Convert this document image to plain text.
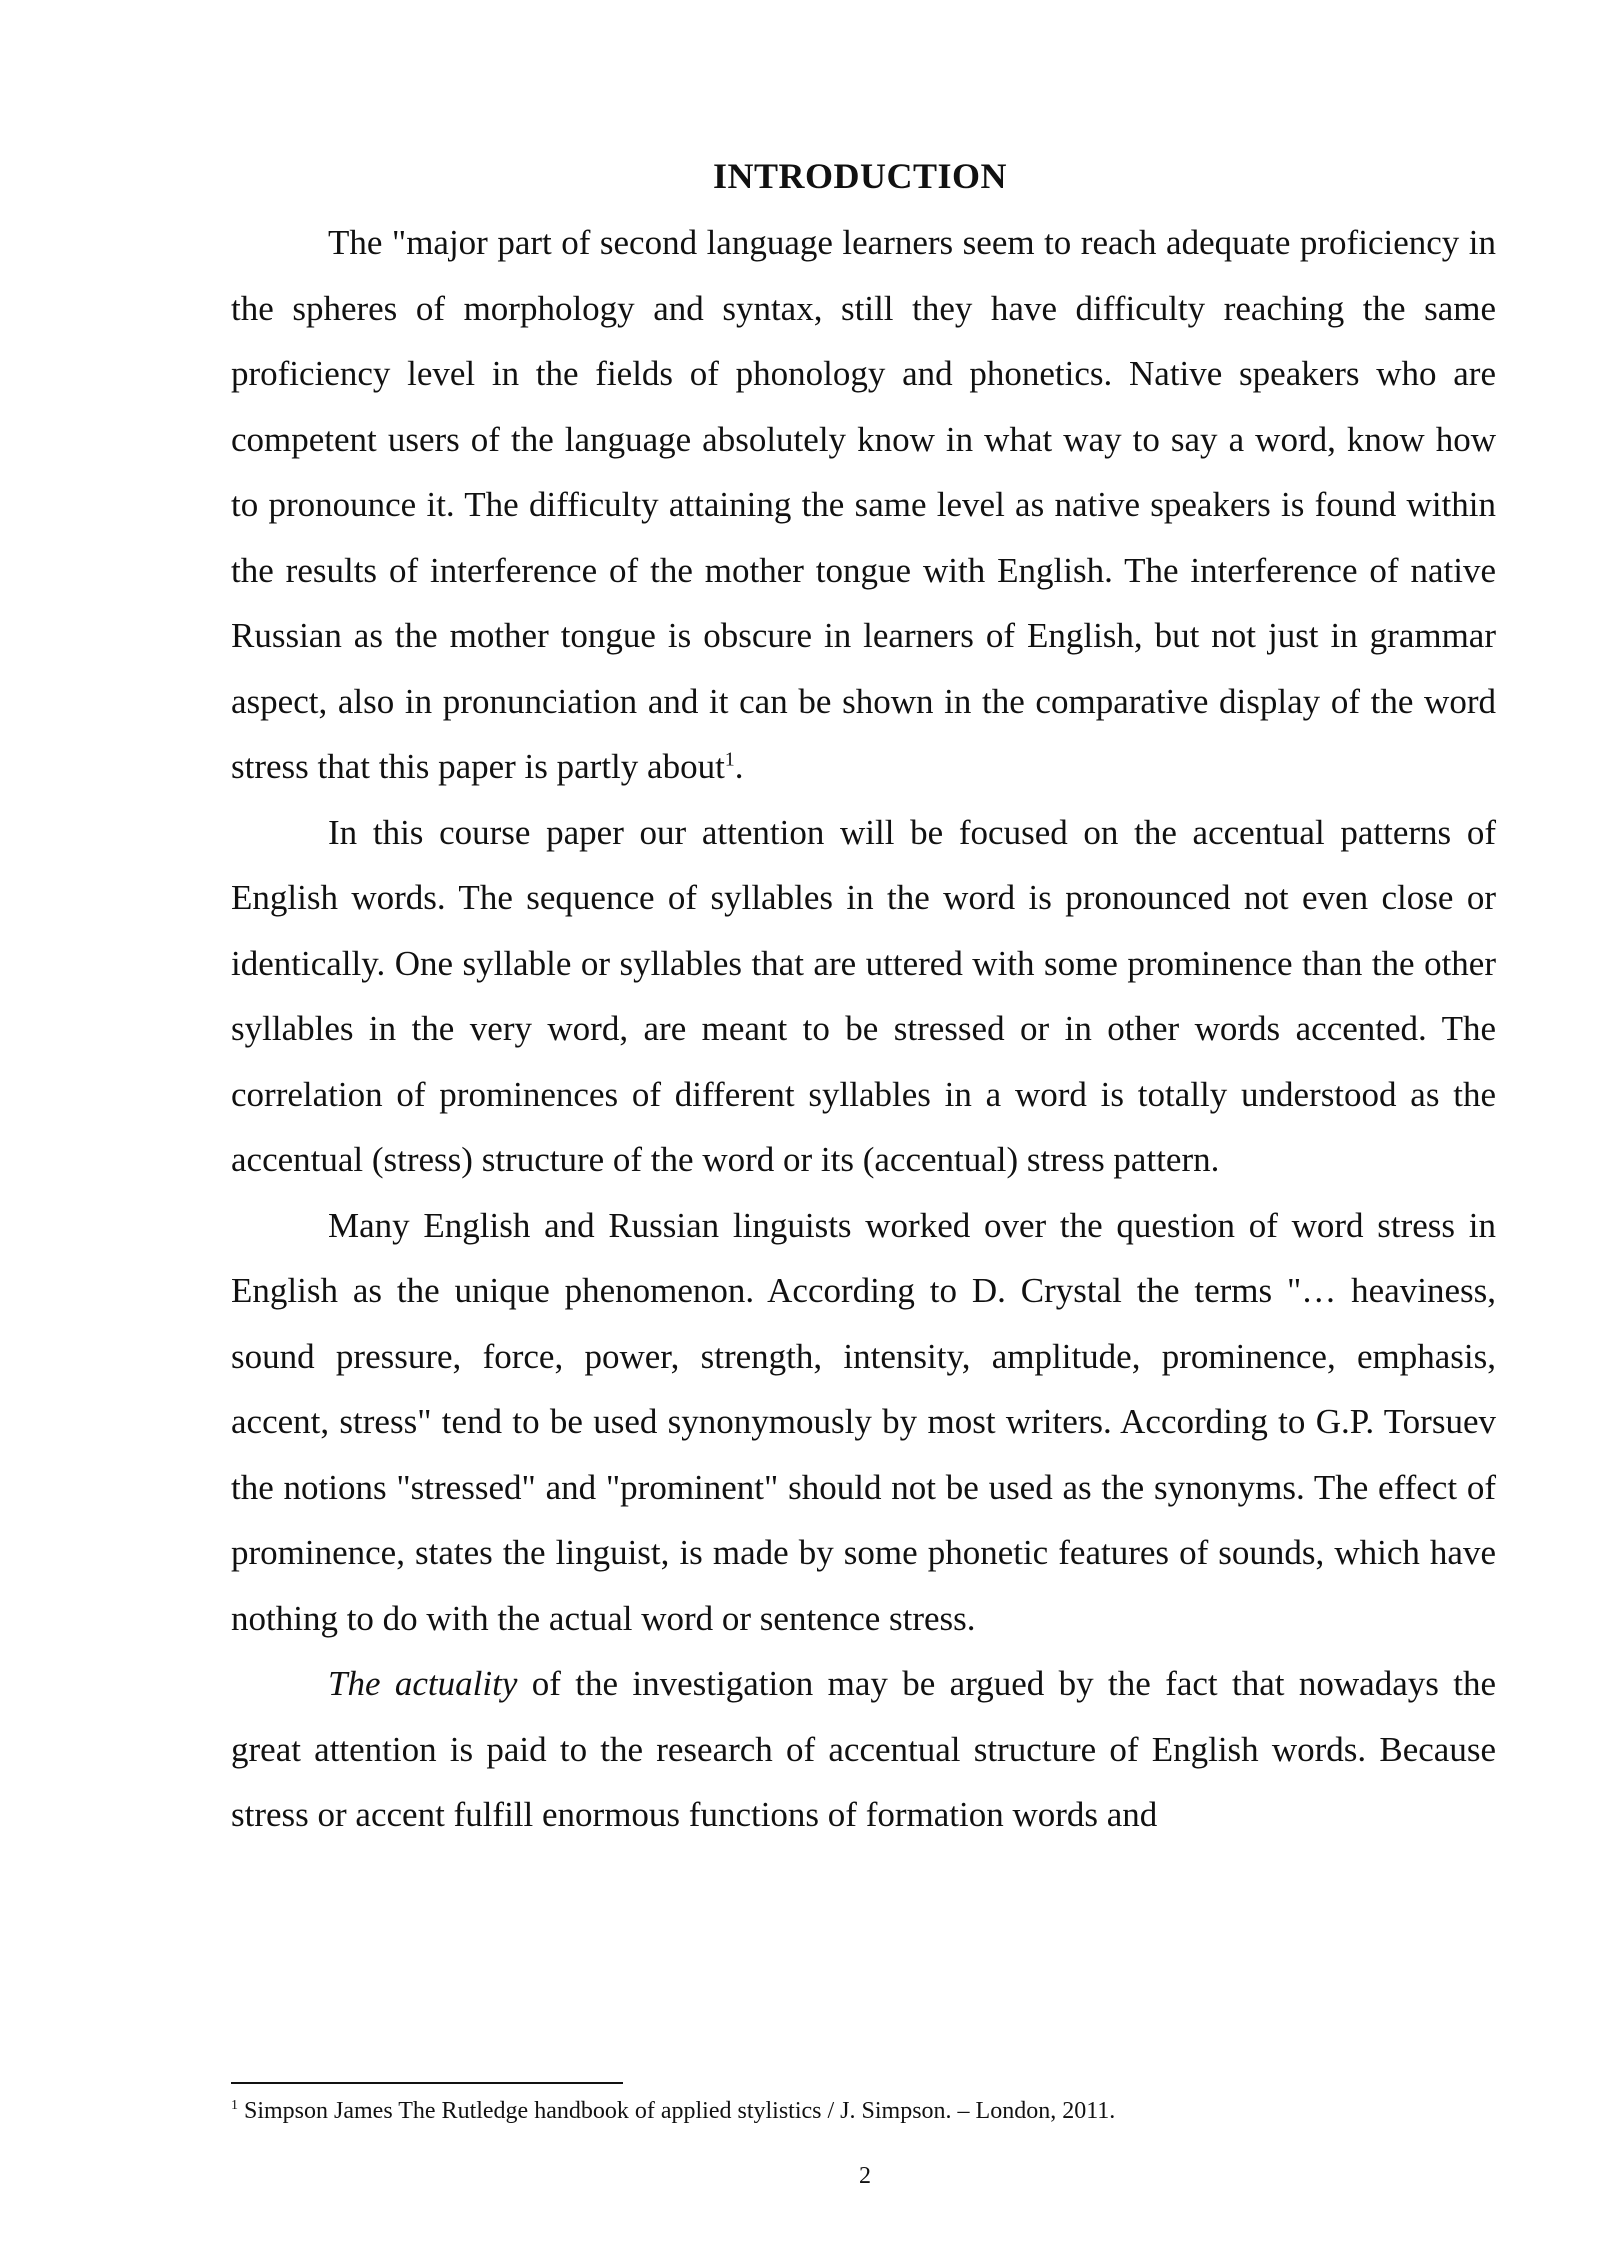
INTRODUCTION

The "major part of second language learners seem to reach adequate proficiency in the spheres of morphology and syntax, still they have difficulty reaching the same proficiency level in the fields of phonology and phonetics. Native speakers who are competent users of the language absolutely know in what way to say a word, know how to pronounce it. The difficulty attaining the same level as native speakers is found within the results of interference of the mother tongue with English. The interference of native Russian as the mother tongue is obscure in learners of English, but not just in grammar aspect, also in pronunciation and it can be shown in the comparative display of the word stress that this paper is partly about$^1$.

In this course paper our attention will be focused on the accentual patterns of English words. The sequence of syllables in the word is pronounced not even close or identically. One syllable or syllables that are uttered with some prominence than the other syllables in the very word, are meant to be stressed or in other words accented. The correlation of prominences of different syllables in a word is totally understood as the accentual (stress) structure of the word or its (accentual) stress pattern.

Many English and Russian linguists worked over the question of word stress in English as the unique phenomenon. According to D. Crystal the terms "… heaviness, sound pressure, force, power, strength, intensity, amplitude, prominence, emphasis, accent, stress" tend to be used synonymously by most writers. According to G.P. Torsuev the notions "stressed" and "prominent" should not be used as the synonyms. The effect of prominence, states the linguist, is made by some phonetic features of sounds, which have nothing to do with the actual word or sentence stress.

The actuality of the investigation may be argued by the fact that nowadays the great attention is paid to the research of accentual structure of English words. Because stress or accent fulfill enormous functions of formation words and

$^1$ Simpson James The Rutledge handbook of applied stylistics / J. Simpson. – London, 2011.
2
